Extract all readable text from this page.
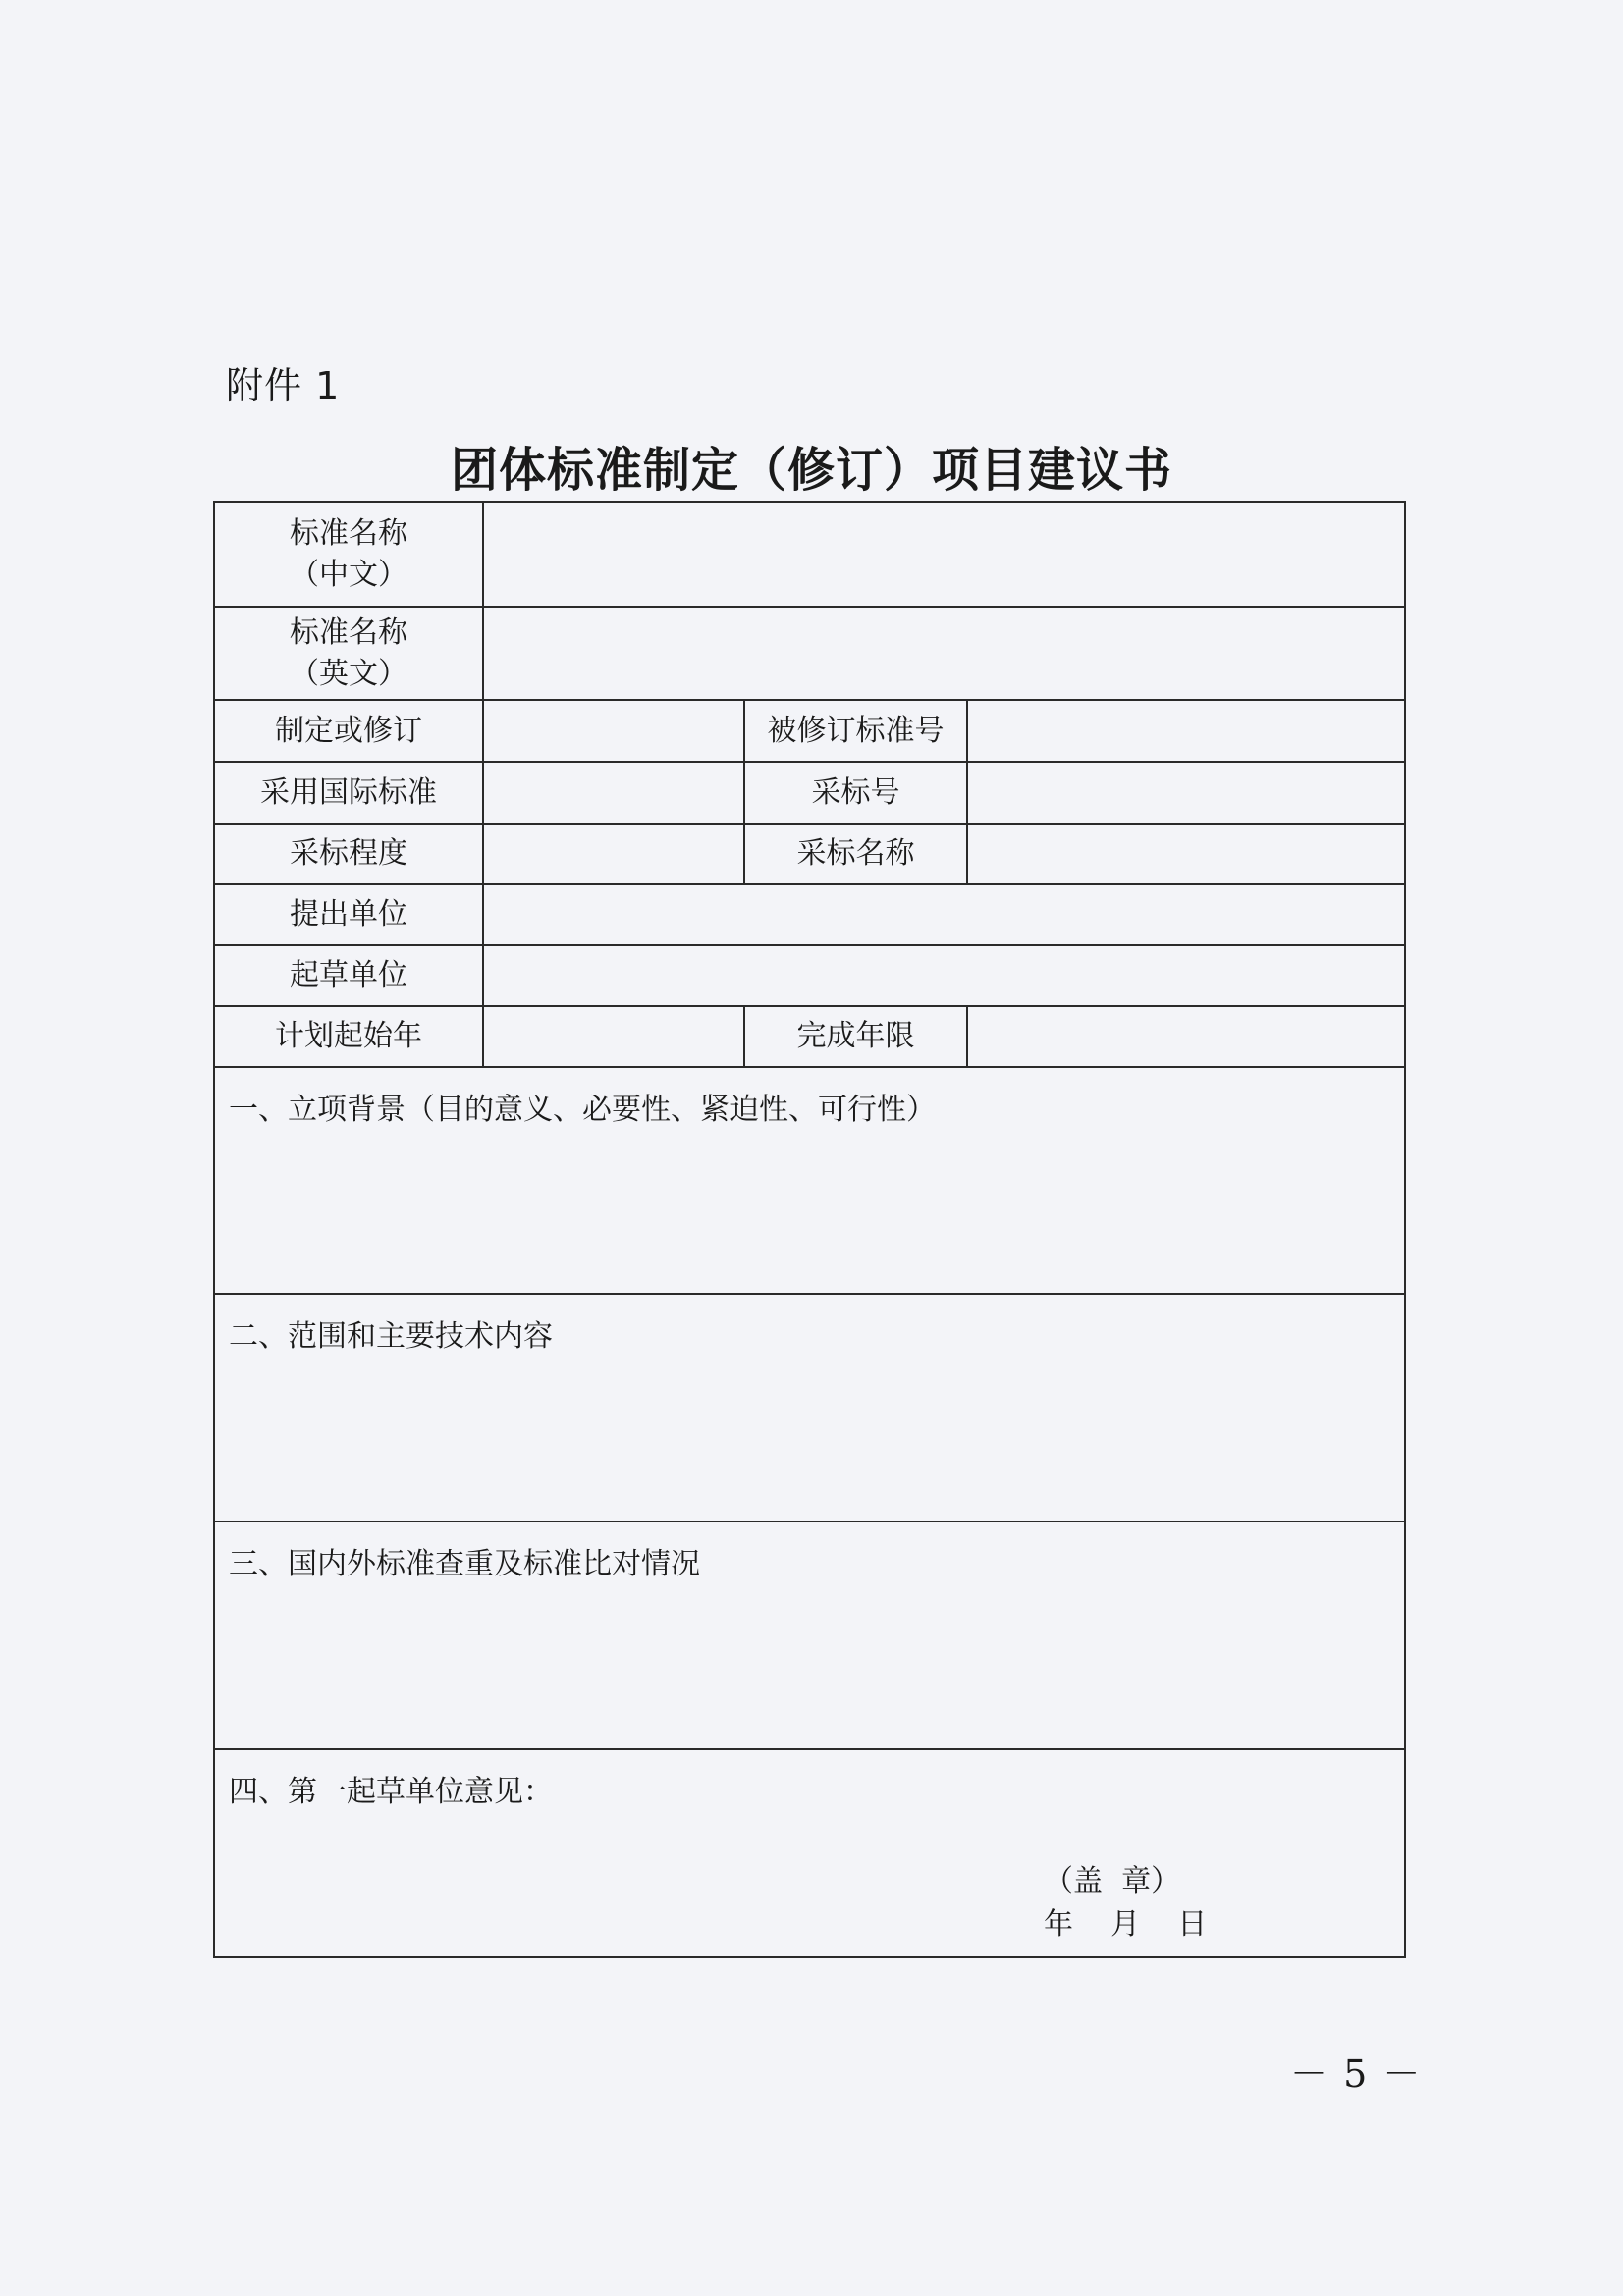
附件 1
团体标准制定（修订）项目建议书
标准名称
（中文）			

标准名称
（英文）			

制定或修订		被修订标准号	
采用国际标准		采标号	
采标程度		采标名称	
提出单位			
起草单位			
计划起始年		完成年限	

一、立项背景（目的意义、必要性、紧迫性、可行性）			

二、范围和主要技术内容			

三、国内外标准查重及标准比对情况			

四、第一起草单位意见：			
（盖  章）
年    月    日
－ 5 －
